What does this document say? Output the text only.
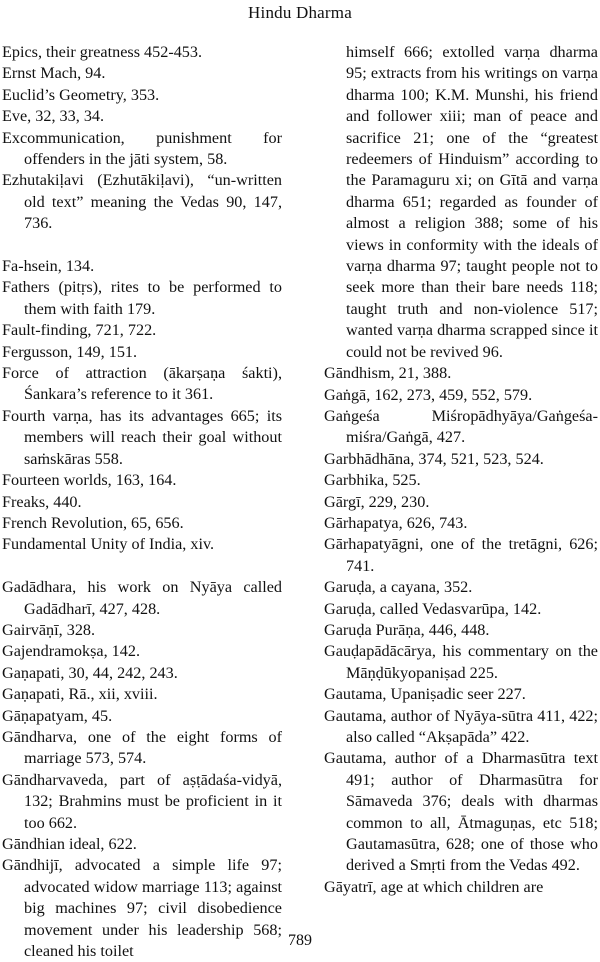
Hindu Dharma

Epics, their greatness 452-453.

Ernst Mach, 94.

Euclid’s Geometry, 353.

Eve, 32, 33, 34.

Excommunication, punishment for offenders in the jāti system, 58.

Ezhutakiḷavi (Ezhutākiḷavi), “un-written old text” meaning the Vedas 90, 147, 736.

Fa-hsein, 134.

Fathers (pitṛs), rites to be performed to them with faith 179.

Fault-finding, 721, 722.

Fergusson, 149, 151.

Force of attraction (ākarṣaṇa śakti), Śankara’s reference to it 361.

Fourth varṇa, has its advantages 665; its members will reach their goal without saṁskāras 558.

Fourteen worlds, 163, 164.

Freaks, 440.

French Revolution, 65, 656.

Fundamental Unity of India, xiv.

Gadādhara, his work on Nyāya called Gadādharī, 427, 428.

Gairvāṇī, 328.

Gajendramokṣa, 142.

Gaṇapati, 30, 44, 242, 243.

Gaṇapati, Rā., xii, xviii.

Gāṇapatyam, 45.

Gāndharva, one of the eight forms of marriage 573, 574.

Gāndharvaveda, part of aṣṭādaśa-vidyā, 132; Brahmins must be proficient in it too 662.

Gāndhian ideal, 622.

Gāndhijī, advocated a simple life 97; advocated widow marriage 113; against big machines 97; civil disobedience movement under his leadership 568; cleaned his toilet

himself 666; extolled varṇa dharma 95; extracts from his writings on varṇa dharma 100; K.M. Munshi, his friend and follower xiii; man of peace and sacrifice 21; one of the “greatest redeemers of Hinduism” according to the Paramaguru xi; on Gītā and varṇa dharma 651; regarded as founder of almost a religion 388; some of his views in conformity with the ideals of varṇa dharma 97; taught people not to seek more than their bare needs 118; taught truth and non-violence 517; wanted varṇa dharma scrapped since it could not be revived 96.

Gāndhism, 21, 388.

Gaṅgā, 162, 273, 459, 552, 579.

Gaṅgeśa Miśropādhyāya/Gaṅgeśa-miśra/Gaṅgā, 427.

Garbhādhāna, 374, 521, 523, 524.

Garbhika, 525.

Gārgī, 229, 230.

Gārhapatya, 626, 743.

Gārhapatyāgni, one of the tretāgni, 626; 741.

Garuḍa, a cayana, 352.

Garuḍa, called Vedasvarūpa, 142.

Garuḍa Purāṇa, 446, 448.

Gauḍapādācārya, his commentary on the Māṇḍūkyopaniṣad 225.

Gautama, Upaniṣadic seer 227.

Gautama, author of Nyāya-sūtra 411, 422; also called “Akṣapāda” 422.

Gautama, author of a Dharmasūtra text 491; author of Dharmasūtra for Sāmaveda 376; deals with dharmas common to all, Ātmaguṇas, etc 518; Gautamasūtra, 628; one of those who derived a Smṛti from the Vedas 492.

Gāyatrī, age at which children are

789
